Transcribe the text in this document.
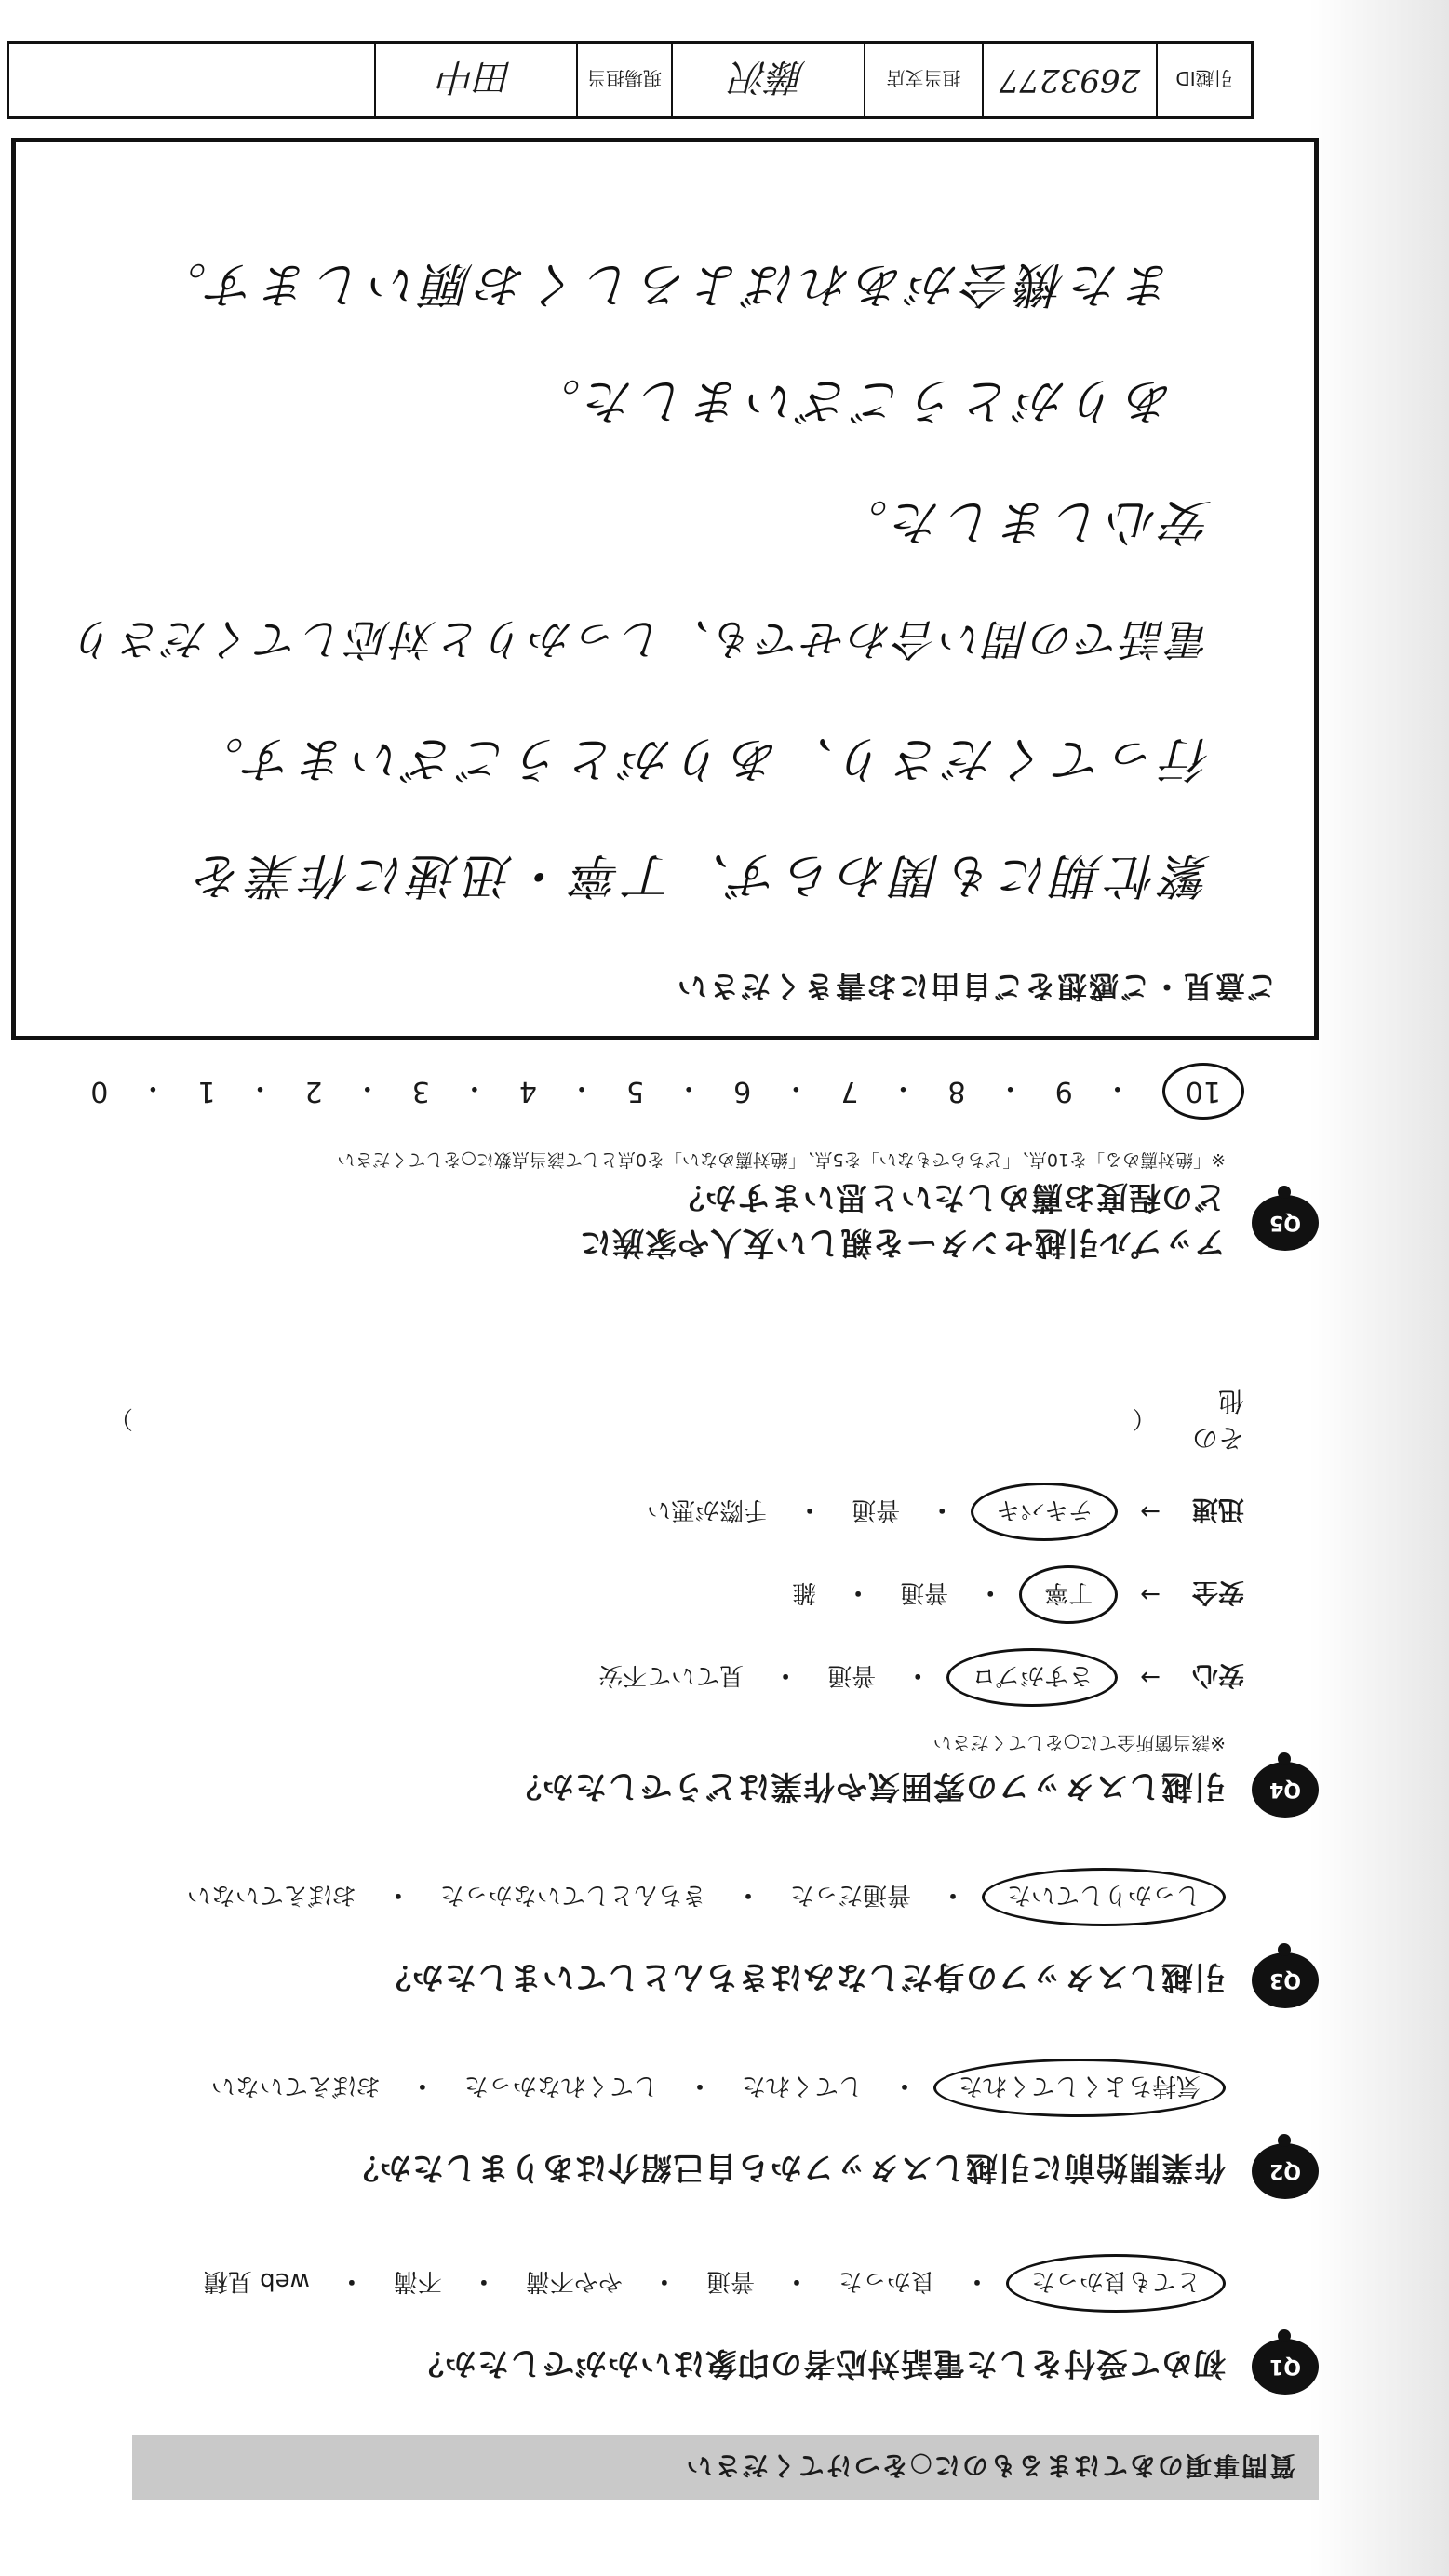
質問事項のあてはまるものに○をつけてください
Q1
初めて受付をした電話対応者の印象はいかがでしたか？
とても良かった
・
良かった
・
普通
・
やや不満
・
不満
・
web 見積
Q2
作業開始前に引越しスタッフから自己紹介はありましたか？
気持ちよくしてくれた
・
してくれた
・
してくれなかった
・
おぼえていない
Q3
引越しスタッフの身だしなみはきちんとしていましたか？
しっかりしていた
・
普通だった
・
きちんとしていなかった
・
おぼえていない
Q4
引越しスタッフの雰囲気や作業はどうでしたか？
※該当箇所全てに○をしてください
安心
→
さすがプロ
・
普通
・
見ていて不安
安全
→
丁寧
・
普通
・
雑
迅速
→
テキパキ
・
普通
・
手際が悪い
その他
（
）
Q5
アップル引越センターを親しい友人や家族に
どの程度お薦めしたいと思いますか？
※「絶対薦める」を10点、「どちらでもない」を5点、「絶対薦めない」を0点として該当点数に○をしてください
10
・
9
・
8
・
7
・
6
・
5
・
4
・
3
・
2
・
1
・
0
ご意見・ご感想をご自由にお書きください
繁忙期にも関わらず、丁寧・迅速に作業を
行ってくださり、ありがとうございます。
電話での問い合わせでも、しっかりと対応してくださり
安心しました。
ありがとうございました。
また機会があればよろしくお願いします。
引越ID
2693277
担当支店
藤沢
現場担当
田中
